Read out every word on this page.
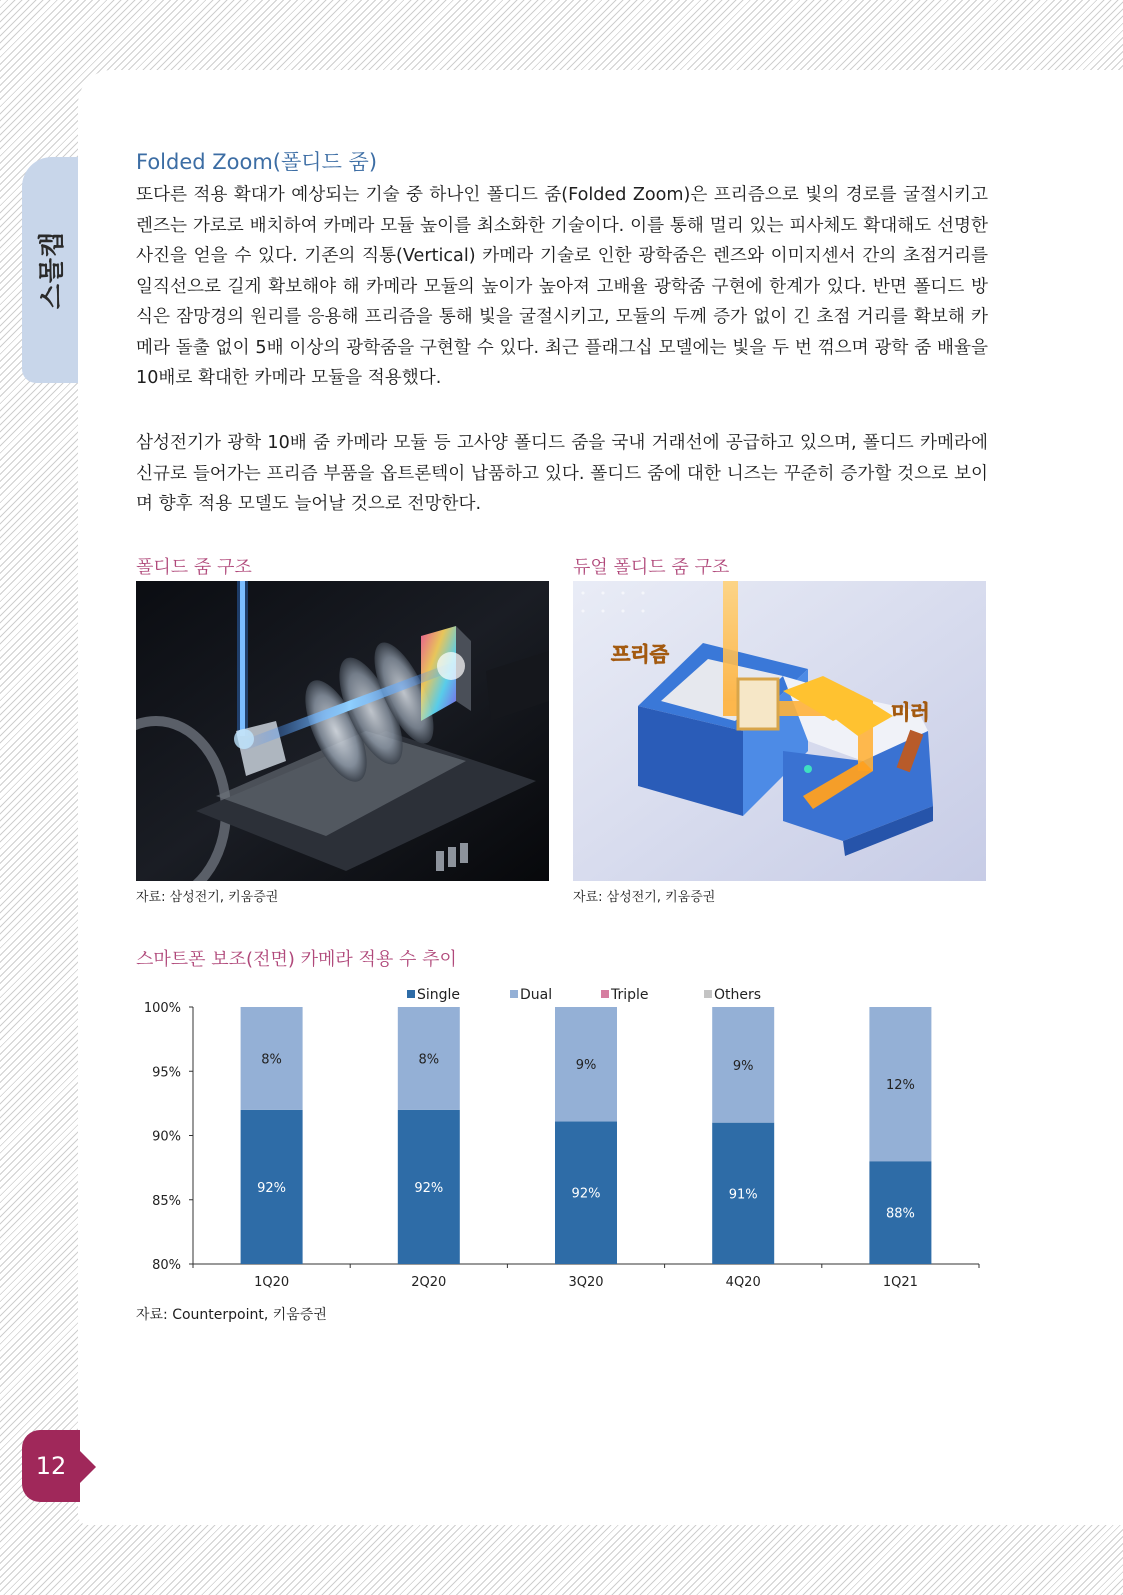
스몰캡
12
Folded Zoom(폴디드 줌)

또다른 적용 확대가 예상되는 기술 중 하나인 폴디드 줌(Folded Zoom)은 프리즘으로 빛의 경로를 굴절시키고 렌즈는 가로로 배치하여 카메라 모듈 높이를 최소화한 기술이다. 이를 통해 멀리 있는 피사체도 확대해도 선명한 사진을 얻을 수 있다. 기존의 직통(Vertical) 카메라 기술로 인한 광학줌은 렌즈와 이미지센서 간의 초점거리를 일직선으로 길게 확보해야 해 카메라 모듈의 높이가 높아져 고배율 광학줌 구현에 한계가 있다. 반면 폴디드 방식은 잠망경의 원리를 응용해 프리즘을 통해 빛을 굴절시키고, 모듈의 두께 증가 없이 긴 초점 거리를 확보해 카메라 돌출 없이 5배 이상의 광학줌을 구현할 수 있다. 최근 플래그십 모델에는 빛을 두 번 꺾으며 광학 줌 배율을 10배로 확대한 카메라 모듈을 적용했다.

삼성전기가 광학 10배 줌 카메라 모듈 등 고사양 폴디드 줌을 국내 거래선에 공급하고 있으며, 폴디드 카메라에 신규로 들어가는 프리즘 부품을 옵트론텍이 납품하고 있다. 폴디드 줌에 대한 니즈는 꾸준히 증가할 것으로 보이며 향후 적용 모델도 늘어날 것으로 전망한다.

폴디드 줌 구조
자료: 삼성전기, 키움증권
듀얼 폴디드 줌 구조
프리즘
미러
자료: 삼성전기, 키움증권
스마트폰 보조(전면) 카메라 적용 수 추이
80%
85%
90%
95%
100%
1Q20
92%
8%
2Q20
92%
8%
3Q20
92%
9%
4Q20
91%
9%
1Q21
88%
12%
Single	Dual	Triple	Others
자료: Counterpoint, 키움증권
